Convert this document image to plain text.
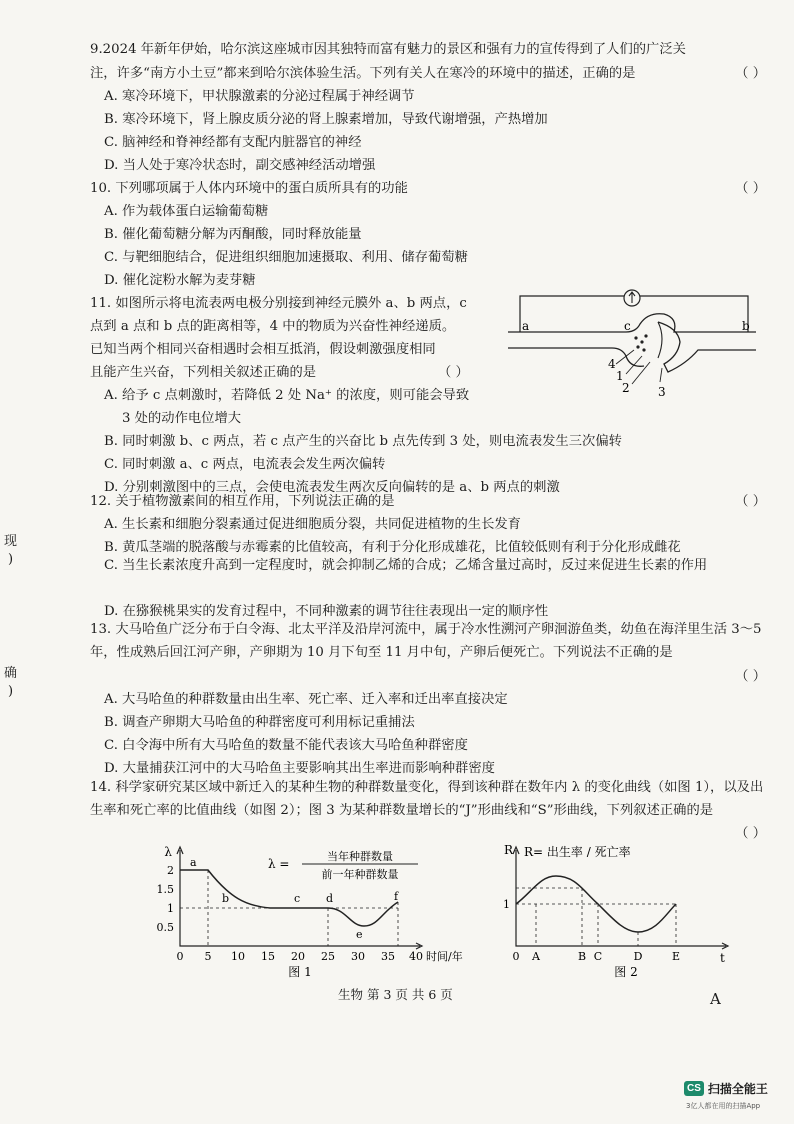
9.2024 年新年伊始，哈尔滨这座城市因其独特而富有魅力的景区和强有力的宣传得到了人们的广泛关
注，许多“南方小土豆”都来到哈尔滨体验生活。下列有关人在寒冷的环境中的描述，正确的是	（ ）
A. 寒冷环境下，甲状腺激素的分泌过程属于神经调节
B. 寒冷环境下，肾上腺皮质分泌的肾上腺素增加，导致代谢增强，产热增加
C. 脑神经和脊神经都有支配内脏器官的神经
D. 当人处于寒冷状态时，副交感神经活动增强
10. 下列哪项属于人体内环境中的蛋白质所具有的功能	（ ）
A. 作为载体蛋白运输葡萄糖
B. 催化葡萄糖分解为丙酮酸，同时释放能量
C. 与靶细胞结合，促进组织细胞加速摄取、利用、储存葡萄糖
D. 催化淀粉水解为麦芽糖
11. 如图所示将电流表两电极分别接到神经元膜外 a、b 两点，c
点到 a 点和 b 点的距离相等，4 中的物质为兴奋性神经递质。
已知当两个相同兴奋相遇时会相互抵消，假设刺激强度相同
且能产生兴奋，下列相关叙述正确的是	（ ）
A. 给予 c 点刺激时，若降低 2 处 Na⁺ 的浓度，则可能会导致
3 处的动作电位增大
B. 同时刺激 b、c 两点，若 c 点产生的兴奋比 b 点先传到 3 处，则电流表发生三次偏转
C. 同时刺激 a、c 两点，电流表会发生两次偏转
D. 分别刺激图中的三点，会使电流表发生两次反向偏转的是 a、b 两点的刺激
a	b
c
4
1
2 3
12. 关于植物激素间的相互作用，下列说法正确的是	（ ）
A. 生长素和细胞分裂素通过促进细胞质分裂，共同促进植物的生长发育
B. 黄瓜茎端的脱落酸与赤霉素的比值较高，有利于分化形成雄花，比值较低则有利于分化形成雌花
C. 当生长素浓度升高到一定程度时，就会抑制乙烯的合成；乙烯含量过高时，反过来促进生长素的作用
D. 在猕猴桃果实的发育过程中，不同种激素的调节往往表现出一定的顺序性
13. 大马哈鱼广泛分布于白令海、北太平洋及沿岸河流中，属于冷水性溯河产卵洄游鱼类，幼鱼在海洋里生活 3～5 年，性成熟后回江河产卵，产卵期为 10 月下旬至 11 月中旬，产卵后便死亡。下列说法不正确的是
（ ）
A. 大马哈鱼的种群数量由出生率、死亡率、迁入率和迁出率直接决定
B. 调查产卵期大马哈鱼的种群密度可利用标记重捕法
C. 白令海中所有大马哈鱼的数量不能代表该大马哈鱼种群密度
D. 大量捕获江河中的大马哈鱼主要影响其出生率进而影响种群密度
14. 科学家研究某区域中新迁入的某种生物的种群数量变化，得到该种群在数年内 λ 的变化曲线（如图 1），以及出生率和死亡率的比值曲线（如图 2）；图 3 为某种群数量增长的“J”形曲线和“S”形曲线，下列叙述正确的是
（ ）
λ
2
1.5
1
0.5
0 5 10 15 20 25 30 35 40 时间/年
a
b	c d
e
f
λ =
当年种群数量
前一年种群数量
图 1
R R= 出生率 / 死亡率
1
0 A	B C	D	E	t
图 2
生物 第 3 页 共 6 页	A
现
)
确
)
CS 扫描全能王
3亿人都在用的扫描App
